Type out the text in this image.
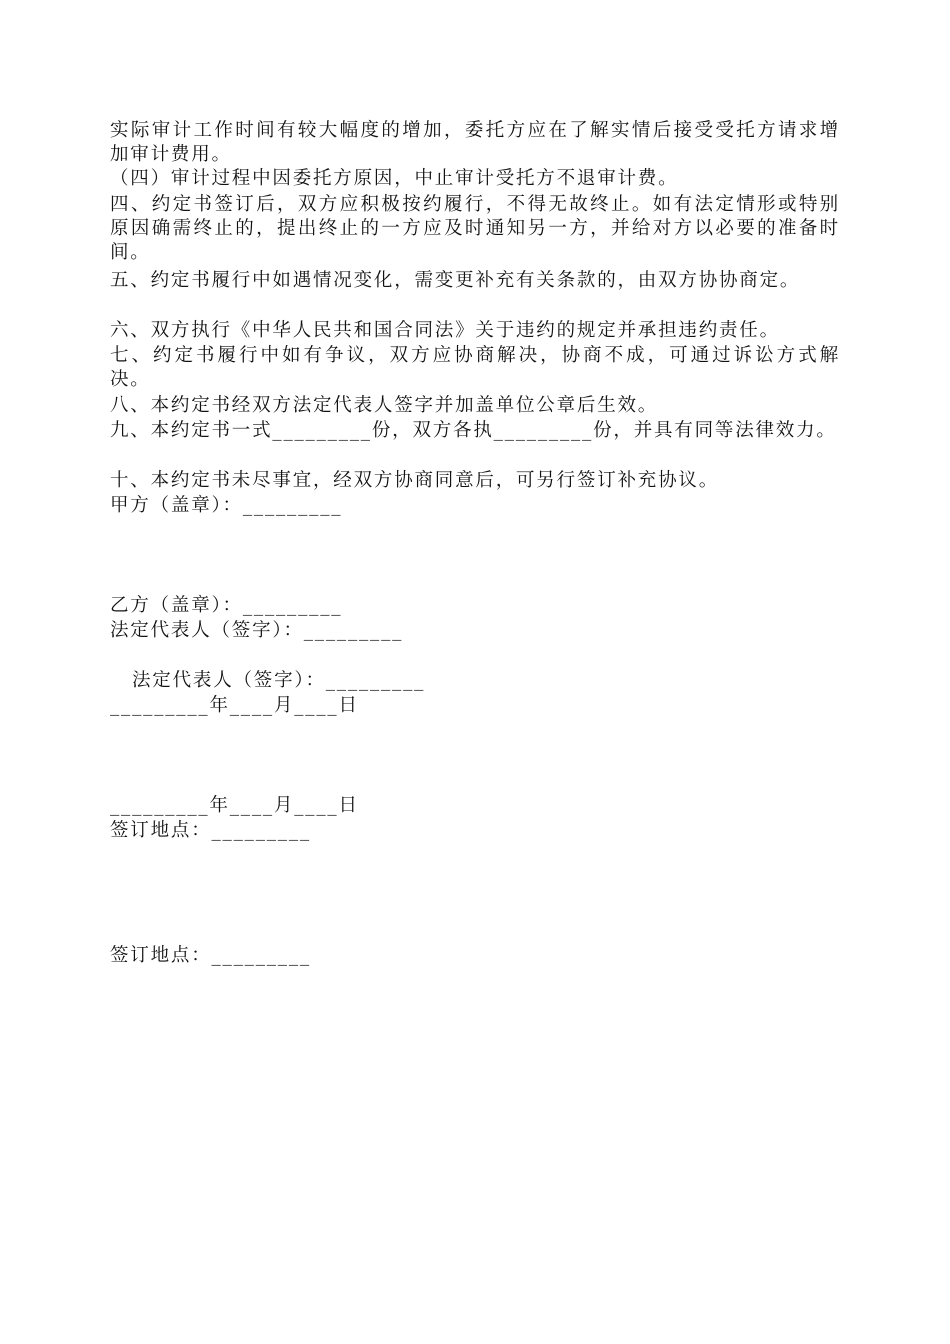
实际审计工作时间有较大幅度的增加，委托方应在了解实情后接受受托方请求增加审计费用。

（四）审计过程中因委托方原因，中止审计受托方不退审计费。

四、约定书签订后，双方应积极按约履行，不得无故终止。如有法定情形或特别原因确需终止的，提出终止的一方应及时通知另一方，并给对方以必要的准备时间。

五、约定书履行中如遇情况变化，需变更补充有关条款的，由双方协协商定。

六、双方执行《中华人民共和国合同法》关于违约的规定并承担违约责任。

七、约定书履行中如有争议，双方应协商解决，协商不成，可通过诉讼方式解决。

八、本约定书经双方法定代表人签字并加盖单位公章后生效。

九、本约定书一式_________份，双方各执_________份，并具有同等法律效力。

十、本约定书未尽事宜，经双方协商同意后，可另行签订补充协议。

甲方（盖章）：_________

乙方（盖章）：_________

法定代表人（签字）：_________

法定代表人（签字）：_________

_________年____月____日

_________年____月____日

签订地点：_________

签订地点：_________
